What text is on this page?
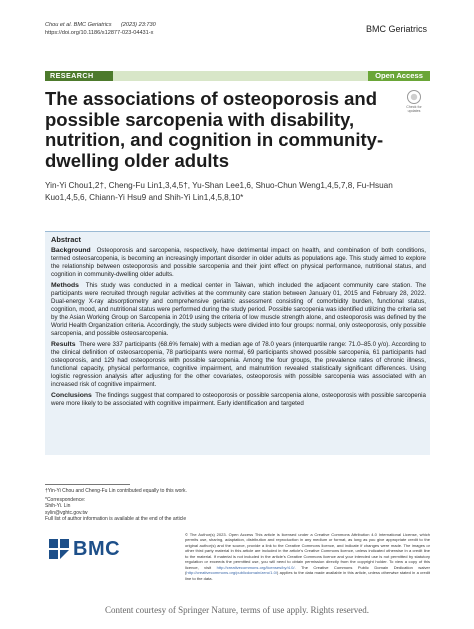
Chou et al. BMC Geriatrics (2023) 23:730
https://doi.org/10.1186/s12877-023-04431-x	BMC Geriatrics
RESEARCH	Open Access
The associations of osteoporosis and possible sarcopenia with disability, nutrition, and cognition in community-dwelling older adults
Check for updates
Yin-Yi Chou1,2†, Cheng-Fu Lin1,3,4,5†, Yu-Shan Lee1,6, Shuo-Chun Weng1,4,5,7,8, Fu-Hsuan Kuo1,4,5,6, Chiann-Yi Hsu9 and Shih-Yi Lin1,4,5,8,10*
Abstract

Background Osteoporosis and sarcopenia, respectively, have detrimental impact on health, and combination of both conditions, termed osteosarcopenia, is becoming an increasingly important disorder in older adults as populations age. This study aimed to explore the relationship between osteoporosis and possible sarcopenia and their joint effect on physical performance, nutritional status, and cognition in community-dwelling older adults.

Methods This study was conducted in a medical center in Taiwan, which included the adjacent community care station. The participants were recruited through regular activities at the community care station between January 01, 2015 and February 28, 2022. Dual-energy X-ray absorptiometry and comprehensive geriatric assessment consisting of comorbidity burden, functional status, cognition, mood, and nutritional status were performed during the study period. Possible sarcopenia was identified utilizing the criteria set by the Asian Working Group on Sarcopenia in 2019 using the criteria of low muscle strength alone, and osteoporosis was defined by the World Health Organization criteria. Accordingly, the study subjects were divided into four groups: normal, only osteoporosis, only possible sarcopenia, and possible osteosarcopenia.

Results There were 337 participants (68.6% female) with a median age of 78.0 years (interquartile range: 71.0–85.0 y/o). According to the clinical definition of osteosarcopenia, 78 participants were normal, 69 participants showed possible sarcopenia, 61 participants had osteoporosis, and 129 had osteoporosis with possible sarcopenia. Among the four groups, the prevalence rates of chronic illness, functional capacity, physical performance, cognitive impairment, and malnutrition revealed statistically significant differences. Using logistic regression analysis after adjusting for the other covariates, osteoporosis with possible sarcopenia was associated with an increased risk of cognitive impairment.

Conclusions The findings suggest that compared to osteoporosis or possible sarcopenia alone, osteoporosis with possible sarcopenia were more likely to be associated with cognitive impairment. Early identification and targeted

†Yin-Yi Chou and Cheng-Fu Lin contributed equally to this work.
*Correspondence:
Shih-Yi. Lin
sylin@vghtc.gov.tw
Full list of author information is available at the end of the article
BMC
© The Author(s) 2023. Open Access This article is licensed under a Creative Commons Attribution 4.0 International License, which permits use, sharing, adaptation, distribution and reproduction in any medium or format, as long as you give appropriate credit to the original author(s) and the source, provide a link to the Creative Commons licence, and indicate if changes were made. The images or other third party material in this article are included in the article's Creative Commons licence, unless indicated otherwise in a credit line to the material. If material is not included in the article's Creative Commons licence and your intended use is not permitted by statutory regulation or exceeds the permitted use, you will need to obtain permission directly from the copyright holder. To view a copy of this licence, visit http://creativecommons.org/licenses/by/4.0/. The Creative Commons Public Domain Dedication waiver (http://creativecommons.org/publicdomain/zero/1.0/) applies to the data made available in this article, unless otherwise stated in a credit line to the data.
Content courtesy of Springer Nature, terms of use apply. Rights reserved.
